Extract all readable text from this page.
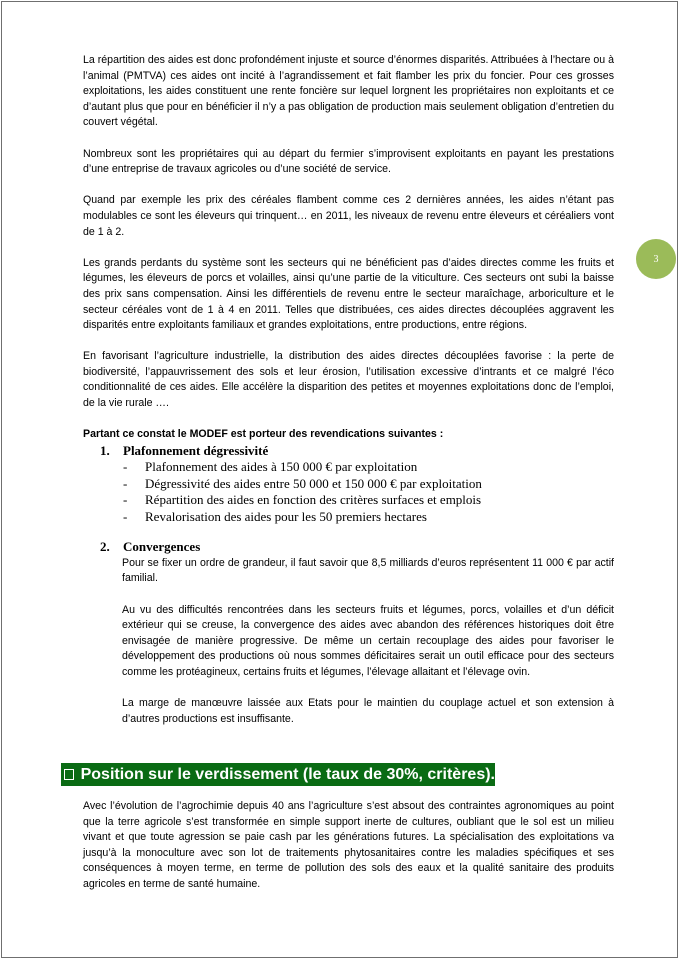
La répartition des aides est donc profondément injuste et source d’énormes disparités. Attribuées à l’hectare ou à l’animal (PMTVA) ces aides ont incité à l’agrandissement et fait flamber les prix du foncier. Pour ces grosses exploitations, les aides constituent une rente foncière sur lequel lorgnent les propriétaires non exploitants et ce d’autant plus que pour en bénéficier il n’y a pas obligation de production mais seulement obligation d’entretien du couvert végétal.

Nombreux sont les propriétaires qui au départ du fermier s’improvisent exploitants en payant les prestations d’une entreprise de travaux agricoles ou d’une société de service.

Quand par exemple les prix des céréales flambent comme ces 2 dernières années, les aides n’étant pas modulables ce sont les éleveurs qui trinquent… en 2011, les niveaux de revenu entre éleveurs et céréaliers vont de 1 à 2.

Les grands perdants du système sont les secteurs qui ne bénéficient pas d’aides directes comme les fruits et légumes, les éleveurs de porcs et volailles, ainsi qu’une partie de la viticulture. Ces secteurs ont subi la baisse des prix sans compensation. Ainsi les différentiels de revenu entre le secteur maraîchage, arboriculture et le secteur céréales vont de 1 à 4 en 2011. Telles que distribuées, ces aides directes découplées aggravent les disparités entre exploitants familiaux et grandes exploitations, entre productions, entre régions.

En favorisant l’agriculture industrielle, la distribution des aides directes découplées favorise : la perte de biodiversité, l’appauvrissement des sols et leur érosion, l’utilisation excessive d’intrants et ce malgré l’éco conditionnalité de ces aides. Elle accélère la disparition des petites et moyennes exploitations donc de l’emploi, de la vie rurale ….

Partant ce constat le MODEF est porteur des revendications suivantes :

1.	Plafonnement dégressivité
-	Plafonnement des aides à 150 000 € par exploitation
-	Dégressivité des aides entre 50 000 et 150 000 € par exploitation
-	Répartition des aides en fonction des critères surfaces et emplois
-	Revalorisation des aides pour les 50 premiers hectares
2.	Convergences

Pour se fixer un ordre de grandeur, il faut savoir que 8,5 milliards d’euros représentent 11 000 € par actif familial.

Au vu des difficultés rencontrées dans les secteurs fruits et légumes, porcs, volailles et d’un déficit extérieur qui se creuse, la convergence des aides avec abandon des références historiques doit être envisagée de manière progressive. De même un certain recouplage des aides pour favoriser le développement des productions où nous sommes déficitaires serait un outil efficace pour des secteurs comme les protéagineux, certains fruits et légumes, l’élevage allaitant et l’élevage ovin.

La marge de manœuvre laissée aux Etats pour le maintien du couplage actuel et son extension à d’autres productions est insuffisante.

3
Position sur le verdissement (le taux de 30%, critères).

Avec l’évolution de l’agrochimie depuis 40 ans l’agriculture s’est absout des contraintes agronomiques au point que la terre agricole s’est transformée en simple support inerte de cultures, oubliant que le sol est un milieu vivant et que toute agression se paie cash par les générations futures. La spécialisation des exploitations va jusqu’à la monoculture avec son lot de traitements phytosanitaires contre les maladies spécifiques et ses conséquences à moyen terme, en terme de pollution des sols des eaux et la qualité sanitaire des produits agricoles en terme de santé humaine.
